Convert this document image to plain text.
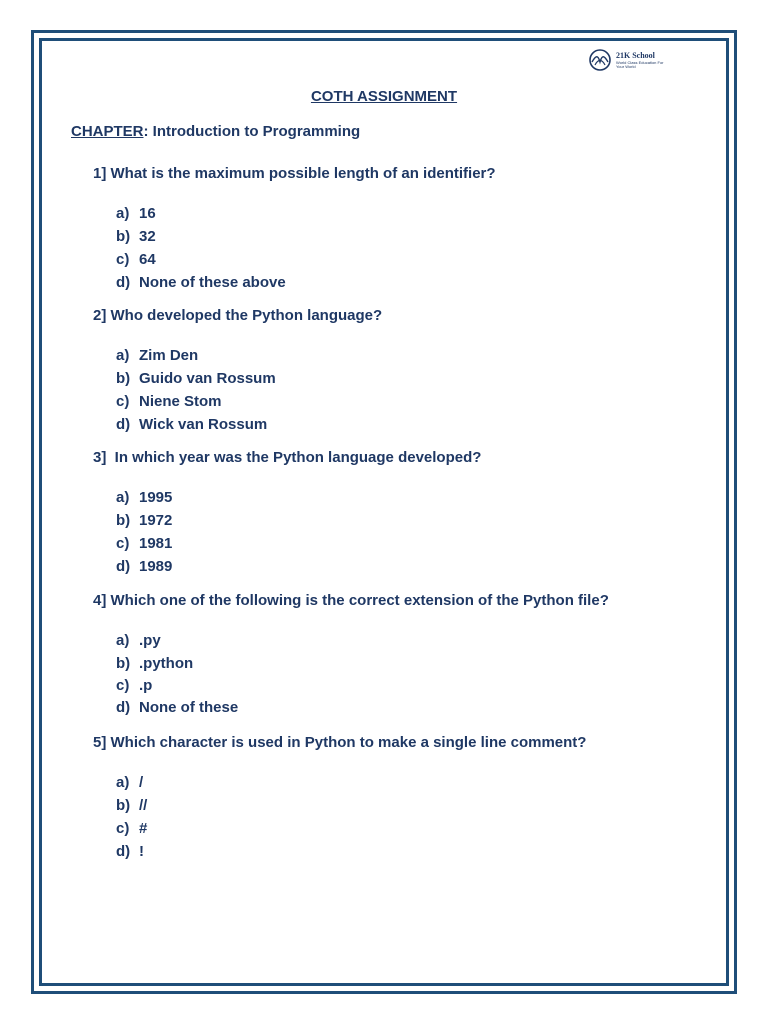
21K School
World Class Education For Your World
COTH ASSIGNMENT
CHAPTER: Introduction to Programming
1] What is the maximum possible length of an identifier?
a) 16
b) 32
c) 64
d) None of these above
2] Who developed the Python language?
a) Zim Den
b) Guido van Rossum
c) Niene Stom
d) Wick van Rossum
3]  In which year was the Python language developed?
a) 1995
b) 1972
c) 1981
d) 1989
4] Which one of the following is the correct extension of the Python file?
a) .py
b) .python
c) .p
d) None of these
5] Which character is used in Python to make a single line comment?
a) /
b) //
c) #
d) !
